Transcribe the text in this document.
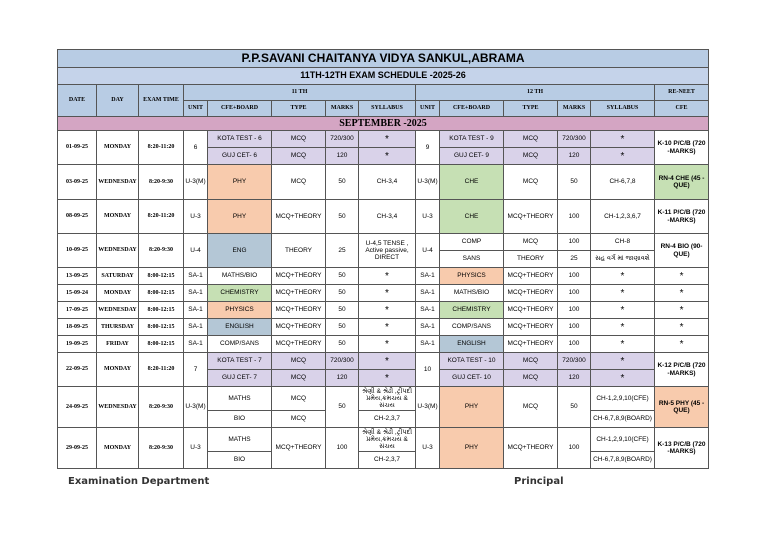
P.P.SAVANI CHAITANYA VIDYA SANKUL,ABRAMA													
11TH-12TH EXAM SCHEDULE -2025-26													
DATE	DAY	EXAM TIME	11 TH					12 TH					RE-NEET
			UNIT	CFE+BOARD	TYPE	MARKS	SYLLABUS	UNIT	CFE+BOARD	TYPE	MARKS	SYLLABUS	CFE
SEPTEMBER -2025													
01-09-25	MONDAY	8:20-11:20	6	KOTA TEST - 6	MCQ	720/300	*	9	KOTA TEST - 9	MCQ	720/300	*	K-10 P/C/B (720 -MARKS)
				GUJ CET- 6	MCQ	120	*		GUJ CET- 9	MCQ	120	*	
03-09-25	WEDNESDAY	8:20-9:30	U-3(M)	PHY	MCQ	50	CH-3,4	U-3(M)	CHE	MCQ	50	CH-6,7,8	RN-4 CHE (45 - QUE)
08-09-25	MONDAY	8:20-11:20	U-3	PHY	MCQ+THEORY	50	CH-3,4	U-3	CHE	MCQ+THEORY	100	CH-1,2,3,6,7	K-11 P/C/B (720 -MARKS)
10-09-25	WEDNESDAY	8:20-9:30	U-4	ENG	THEORY	25	U-4,5 TENSE , Active passive, DIRECT	U-4	COMP	MCQ	100	CH-8	RN-4 BIO (90- QUE)
									SANS	THEORY	25	સહ વર્ગ માં જાણાવશે	
13-09-25	SATURDAY	8:00-12:15	SA-1	MATHS/BIO	MCQ+THEORY	50	*	SA-1	PHYSICS	MCQ+THEORY	100	*	*
15-09-24	MONDAY	8:00-12:15	SA-1	CHEMISTRY	MCQ+THEORY	50	*	SA-1	MATHS/BIO	MCQ+THEORY	100	*	*
17-09-25	WEDNESDAY	8:00-12:15	SA-1	PHYSICS	MCQ+THEORY	50	*	SA-1	CHEMISTRY	MCQ+THEORY	100	*	*
18-09-25	THURSDAY	8:00-12:15	SA-1	ENGLISH	MCQ+THEORY	50	*	SA-1	COMP/SANS	MCQ+THEORY	100	*	*
19-09-25	FRIDAY	8:00-12:15	SA-1	COMP/SANS	MCQ+THEORY	50	*	SA-1	ENGLISH	MCQ+THEORY	100	*	*
22-09-25	MONDAY	8:20-11:20	7	KOTA TEST - 7	MCQ	720/300	*	10	KOTA TEST - 10	MCQ	720/300	*	K-12 P/C/B (720 -MARKS)
				GUJ CET- 7	MCQ	120	*		GUJ CET- 10	MCQ	120	*	
24-09-25	WEDNESDAY	8:20-9:30	U-3(M)	MATHS	MCQ	50	શ્રેણી & શ્રેઢી ,ટ્રીપદી પ્રમેય,ક્રમચય & સંચય	U-3(M)	PHY	MCQ	50	CH-1,2,9,10(CFE)	RN-5 PHY (45 - QUE)
				BIO	MCQ		CH-2,3,7					CH-6,7,8,9(BOARD)	
29-09-25	MONDAY	8:20-9:30	U-3	MATHS	MCQ+THEORY	100	શ્રેણી & શ્રેઢી ,ટ્રીપદી પ્રમેય,ક્રમચય & સંચય	U-3	PHY	MCQ+THEORY	100	CH-1,2,9,10(CFE)	K-13 P/C/B (720 -MARKS)
				BIO			CH-2,3,7					CH-6,7,8,9(BOARD)	
Examination Department	Principal
